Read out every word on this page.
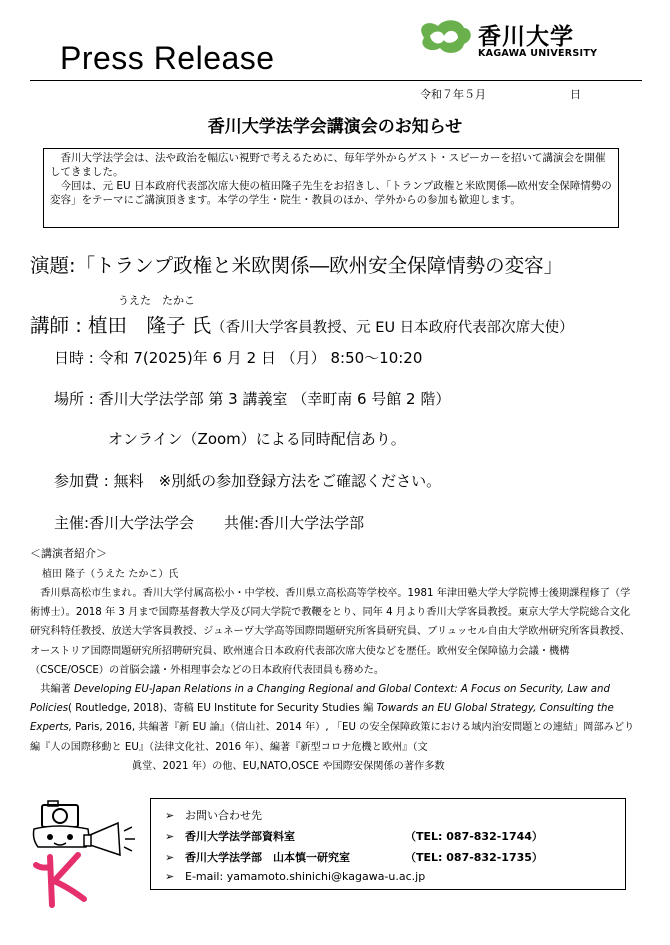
Press Release
香川大学
KAGAWA UNIVERSITY
令和７年５月	日
香川大学法学会講演会のお知らせ

香川大学法学会は、法や政治を幅広い視野で考えるために、毎年学外からゲスト・スピーカーを招いて講演会を開催してきました。

今回は、元 EU 日本政府代表部次席大使の植田隆子先生をお招きし、「トランプ政権と米欧関係―欧州安全保障情勢の変容」をテーマにご講演頂きます。本学の学生・院生・教員のほか、学外からの参加も歓迎します。

演題:「トランプ政権と米欧関係―欧州安全保障情勢の変容」
うえた　たかこ
講師 : 植田　隆子 氏（香川大学客員教授、元 EU 日本政府代表部次席大使）
日時 : 令和 7(2025)年 6 月 2 日 （月） 8:50～10:20
場所 : 香川大学法学部 第 3 講義室 （幸町南 6 号館 2 階）
オンライン（Zoom）による同時配信あり。
参加費 : 無料　※別紙の参加登録方法をご確認ください。
主催:香川大学法学会　　共催:香川大学法学部
＜講演者紹介＞
植田 隆子（うえた たかこ）氏

香川県高松市生まれ。香川大学付属高松小・中学校、香川県立高松高等学校卒。1981 年津田塾大学大学院博士後期課程修了（学術博士）。2018 年 3 月まで国際基督教大学及び同大学院で教鞭をとり、同年 4 月より香川大学客員教授。東京大学大学院総合文化研究科特任教授、放送大学客員教授、ジュネーヴ大学高等国際問題研究所客員研究員、ブリュッセル自由大学欧州研究所客員教授、オーストリア国際問題研究所招聘研究員、欧州連合日本政府代表部次席大使などを歴任。欧州安全保障協力会議・機構（CSCE/OSCE）の首脳会議・外相理事会などの日本政府代表団員も務めた。

共編著 Developing EU-Japan Relations in a Changing Regional and Global Context: A Focus on Security, Law and Policies( Routledge, 2018)、寄稿 EU Institute for Security Studies 編 Towards an EU Global Strategy, Consulting the Experts, Paris, 2016, 共編著『新 EU 論』（信山社、2014 年）, 「EU の安全保障政策における域内治安問題との連結」岡部みどり編『人の国際移動と EU』（法律文化社、2016 年）、編著『新型コロナ危機と欧州』（文

眞堂、2021 年）の他、EU,NATO,OSCE や国際安保関係の著作多数

➢ お問い合わせ先
➢ 香川大学法学部資料室	（TEL: 087-832-1744）
➢ 香川大学法学部　山本慎一研究室	（TEL: 087-832-1735）
➢ E-mail: yamamoto.shinichi@kagawa-u.ac.jp
